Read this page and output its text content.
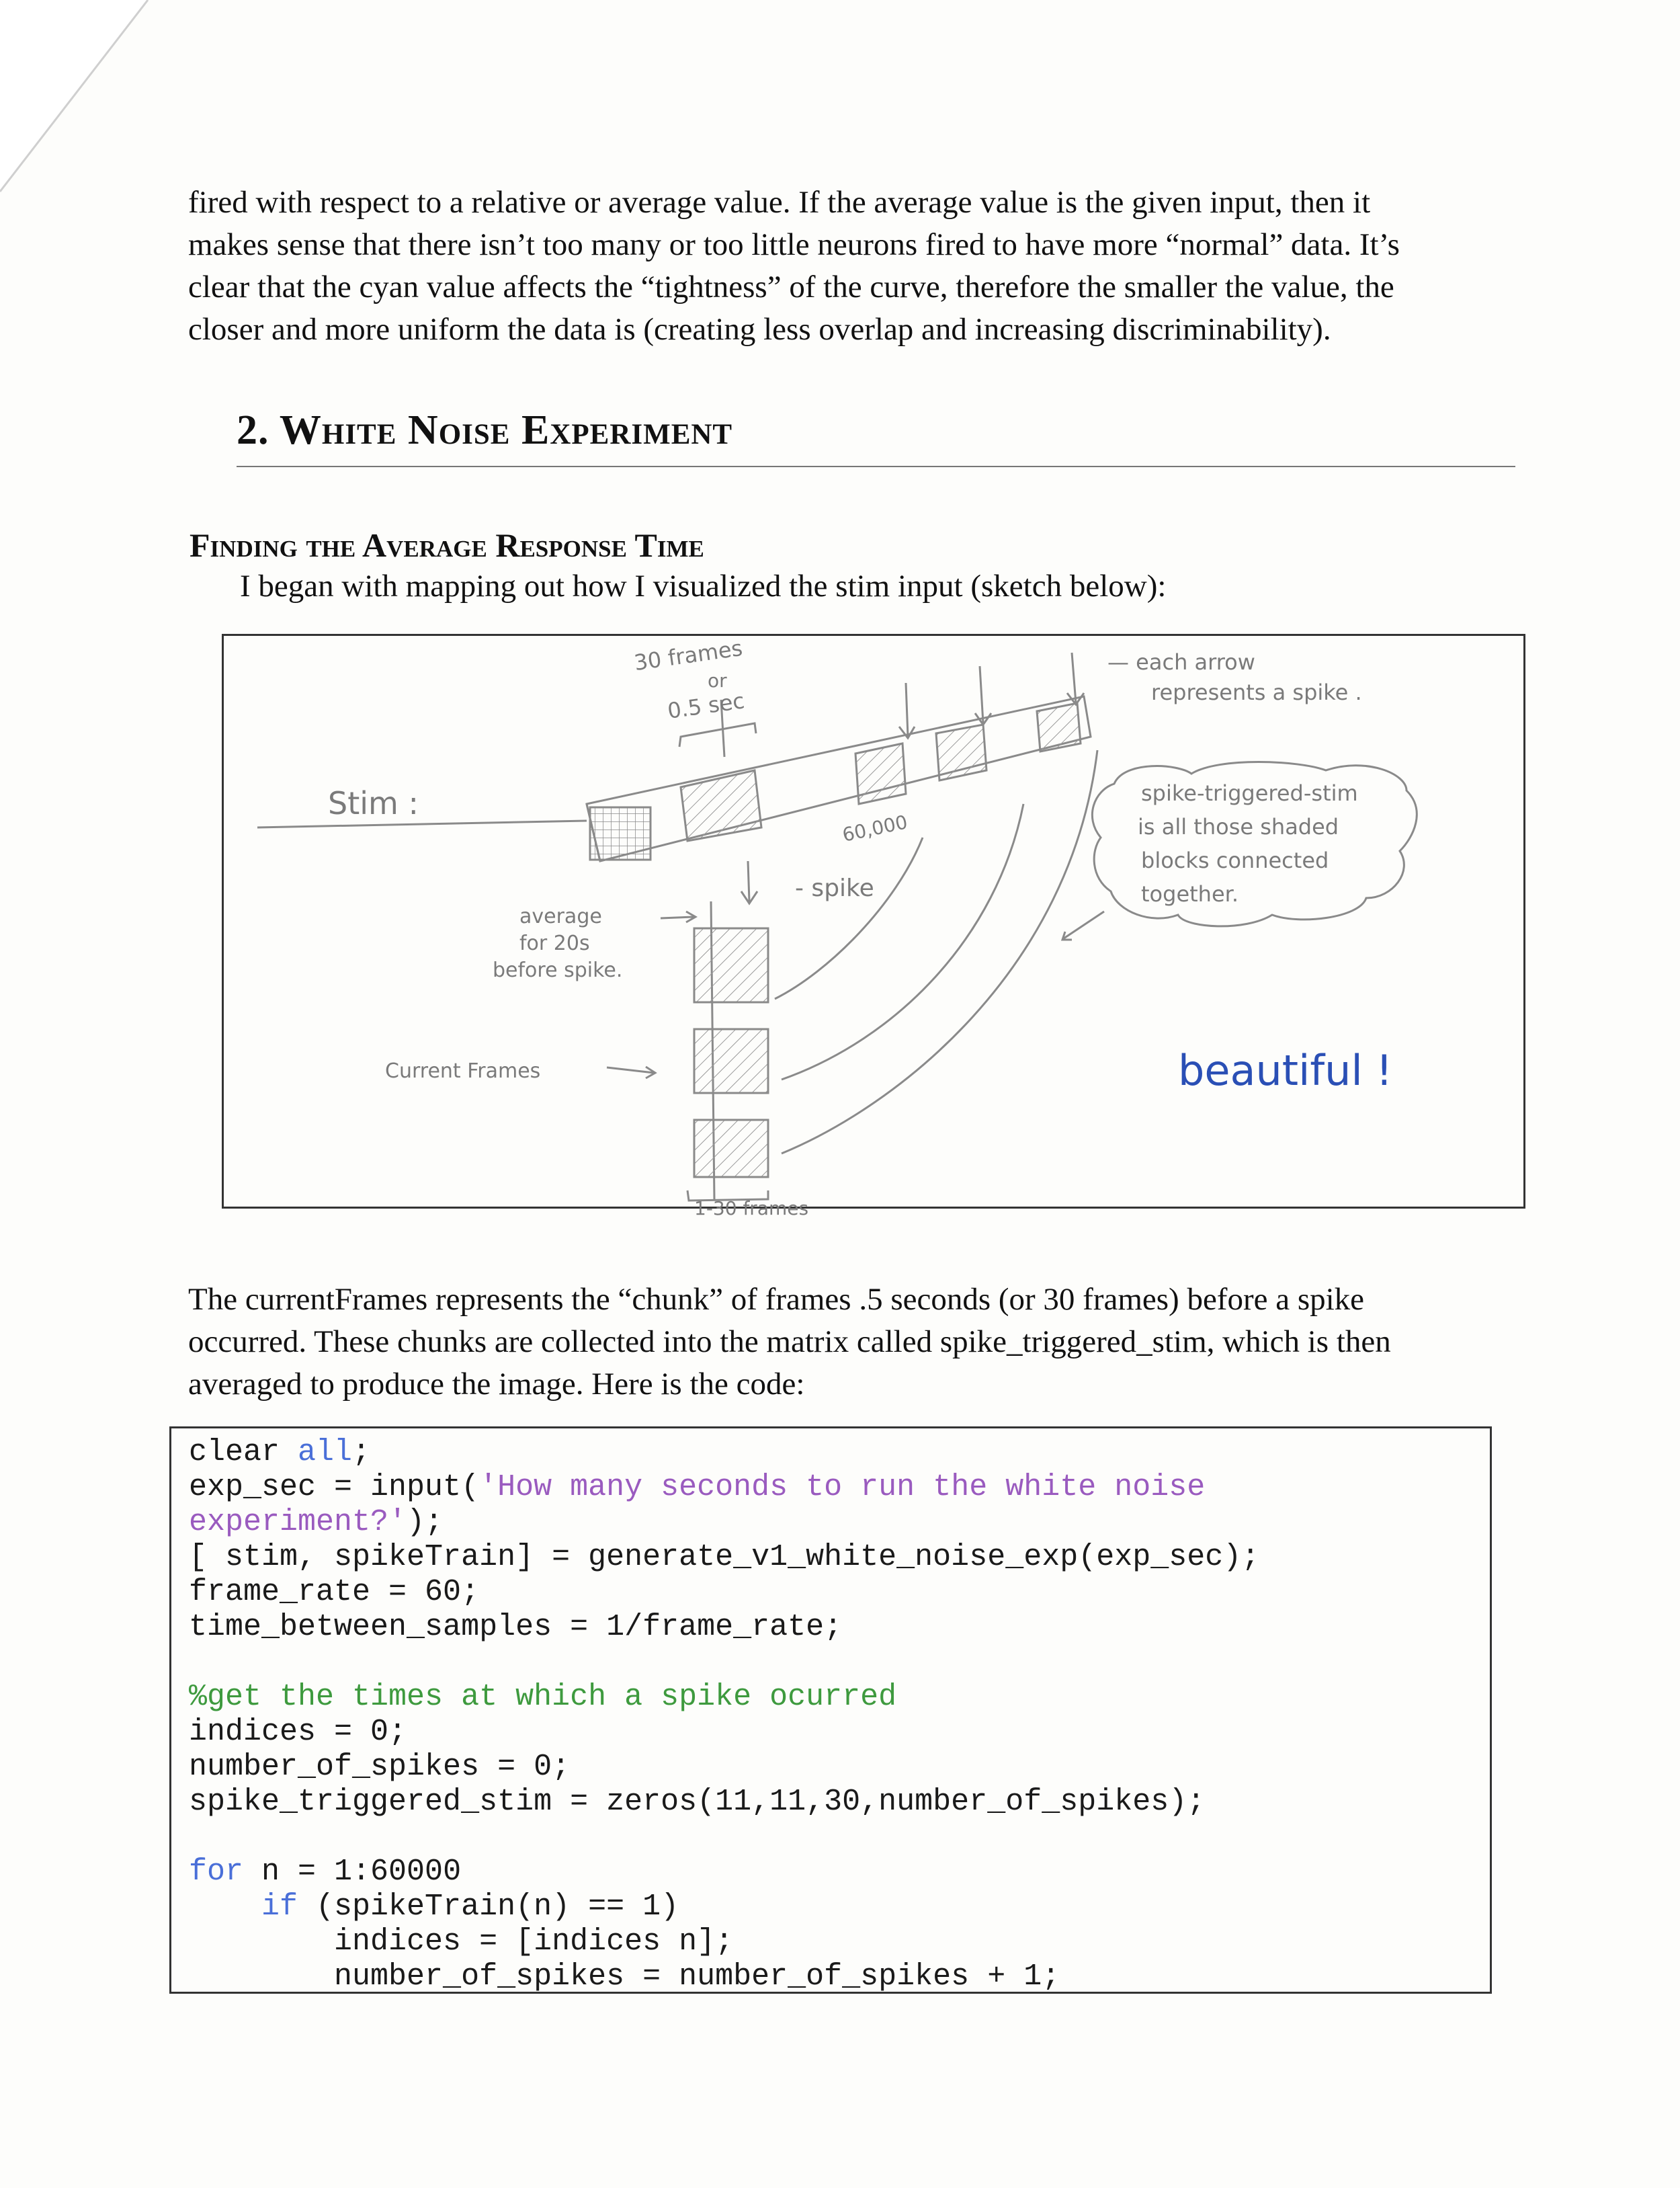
fired with respect to a relative or average value. If the average value is the given input, then it
makes sense that there isn’t too many or too little neurons fired to have more “normal” data. It’s
clear that the cyan value affects the “tightness” of the curve, therefore the smaller the value, the
closer and more uniform the data is (creating less overlap and increasing discriminability).

2. White Noise Experiment
Finding the Average Response Time

I began with mapping out how I visualized the stim input (sketch below):

30 frames
or
0.5 sec
Stim :
60,000
- spike
average
for 20s
before spike.
Current Frames
1-30 frames
— each arrow
represents a spike .
spike-triggered-stim
is all those shaded
blocks connected
together.
beautiful !

The currentFrames represents the “chunk” of frames .5 seconds (or 30 frames) before a spike
occurred. These chunks are collected into the matrix called spike_triggered_stim, which is then
averaged to produce the image. Here is the code:

clear all;
exp_sec = input('How many seconds to run the white noise
experiment?');
[ stim, spikeTrain] = generate_v1_white_noise_exp(exp_sec);
frame_rate = 60;
time_between_samples = 1/frame_rate;
%get the times at which a spike ocurred
indices = 0;
number_of_spikes = 0;
spike_triggered_stim = zeros(11,11,30,number_of_spikes);
for n = 1:60000
if (spikeTrain(n) == 1)
indices = [indices n];
number_of_spikes = number_of_spikes + 1;
